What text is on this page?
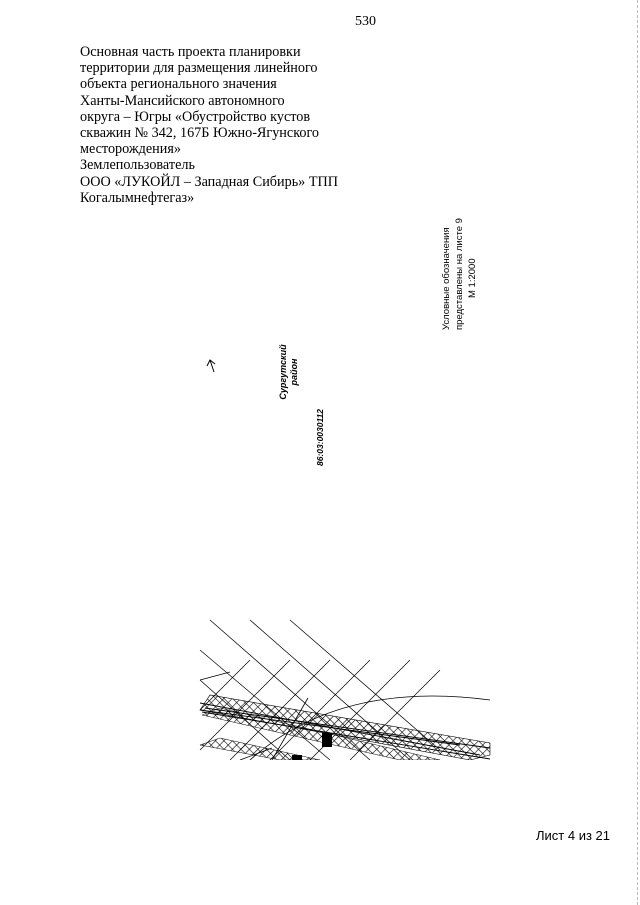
530
Основная часть проекта планировки
территории для размещения линейного
объекта регионального значения
Ханты-Мансийского автономного
округа – Югры «Обустройство кустов
скважин № 342, 167Б Южно-Ягунского
месторождения»
Землепользователь
ООО «ЛУКОЙЛ – Западная Сибирь» ТПП
Когалымнефтегаз»
Условные обозначения представлены на листе 9 М 1:2000
Сургутский район
86:03:0030112
Лист 4 из 21
